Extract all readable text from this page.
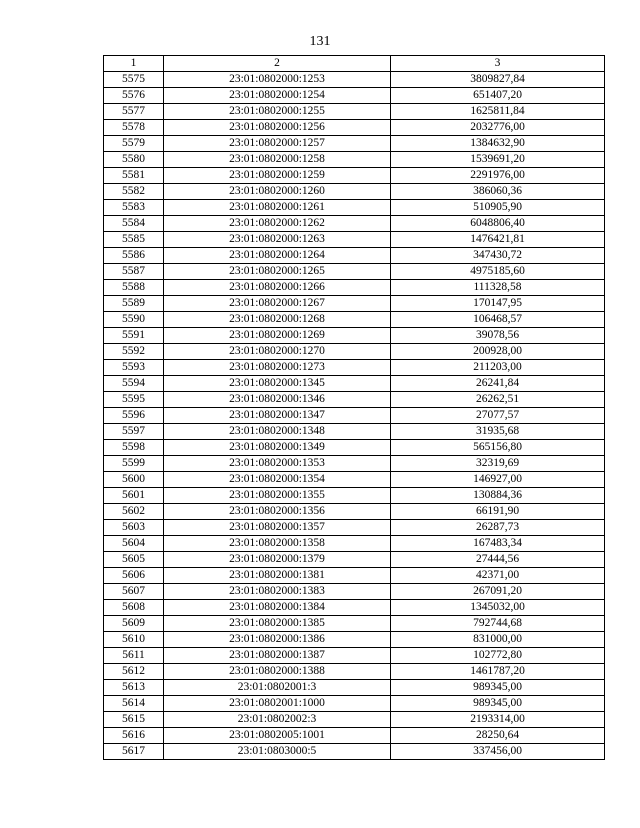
131
1	2	3
5575	23:01:0802000:1253	3809827,84
5576	23:01:0802000:1254	651407,20
5577	23:01:0802000:1255	1625811,84
5578	23:01:0802000:1256	2032776,00
5579	23:01:0802000:1257	1384632,90
5580	23:01:0802000:1258	1539691,20
5581	23:01:0802000:1259	2291976,00
5582	23:01:0802000:1260	386060,36
5583	23:01:0802000:1261	510905,90
5584	23:01:0802000:1262	6048806,40
5585	23:01:0802000:1263	1476421,81
5586	23:01:0802000:1264	347430,72
5587	23:01:0802000:1265	4975185,60
5588	23:01:0802000:1266	111328,58
5589	23:01:0802000:1267	170147,95
5590	23:01:0802000:1268	106468,57
5591	23:01:0802000:1269	39078,56
5592	23:01:0802000:1270	200928,00
5593	23:01:0802000:1273	211203,00
5594	23:01:0802000:1345	26241,84
5595	23:01:0802000:1346	26262,51
5596	23:01:0802000:1347	27077,57
5597	23:01:0802000:1348	31935,68
5598	23:01:0802000:1349	565156,80
5599	23:01:0802000:1353	32319,69
5600	23:01:0802000:1354	146927,00
5601	23:01:0802000:1355	130884,36
5602	23:01:0802000:1356	66191,90
5603	23:01:0802000:1357	26287,73
5604	23:01:0802000:1358	167483,34
5605	23:01:0802000:1379	27444,56
5606	23:01:0802000:1381	42371,00
5607	23:01:0802000:1383	267091,20
5608	23:01:0802000:1384	1345032,00
5609	23:01:0802000:1385	792744,68
5610	23:01:0802000:1386	831000,00
5611	23:01:0802000:1387	102772,80
5612	23:01:0802000:1388	1461787,20
5613	23:01:0802001:3	989345,00
5614	23:01:0802001:1000	989345,00
5615	23:01:0802002:3	2193314,00
5616	23:01:0802005:1001	28250,64
5617	23:01:0803000:5	337456,00
